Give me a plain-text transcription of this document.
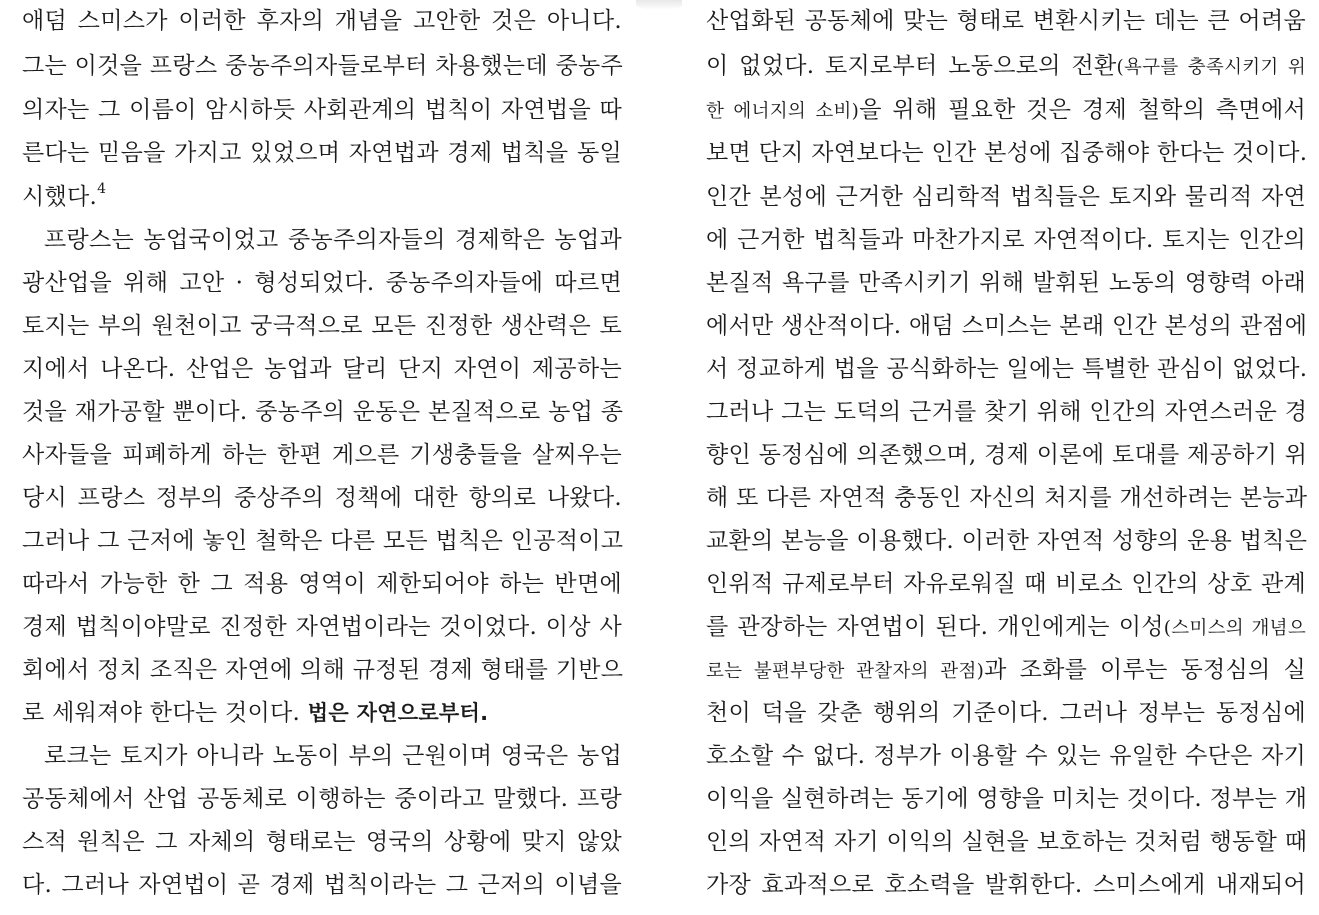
애덤 스미스가 이러한 후자의 개념을 고안한 것은 아니다.
그는 이것을 프랑스 중농주의자들로부터 차용했는데 중농주
의자는 그 이름이 암시하듯 사회관계의 법칙이 자연법을 따
른다는 믿음을 가지고 있었으며 자연법과 경제 법칙을 동일
시했다.$^4$
프랑스는 농업국이었고 중농주의자들의 경제학은 농업과
광산업을 위해 고안 · 형성되었다. 중농주의자들에 따르면
토지는 부의 원천이고 궁극적으로 모든 진정한 생산력은 토
지에서 나온다. 산업은 농업과 달리 단지 자연이 제공하는
것을 재가공할 뿐이다. 중농주의 운동은 본질적으로 농업 종
사자들을 피폐하게 하는 한편 게으른 기생충들을 살찌우는
당시 프랑스 정부의 중상주의 정책에 대한 항의로 나왔다.
그러나 그 근저에 놓인 철학은 다른 모든 법칙은 인공적이고
따라서 가능한 한 그 적용 영역이 제한되어야 하는 반면에
경제 법칙이야말로 진정한 자연법이라는 것이었다. 이상 사
회에서 정치 조직은 자연에 의해 규정된 경제 형태를 기반으
로 세워져야 한다는 것이다. 법은 자연으로부터.
로크는 토지가 아니라 노동이 부의 근원이며 영국은 농업
공동체에서 산업 공동체로 이행하는 중이라고 말했다. 프랑
스적 원칙은 그 자체의 형태로는 영국의 상황에 맞지 않았
다. 그러나 자연법이 곧 경제 법칙이라는 그 근저의 이념을
산업화된 공동체에 맞는 형태로 변환시키는 데는 큰 어려움
이 없었다. 토지로부터 노동으로의 전환(욕구를 충족시키기 위
한 에너지의 소비)을 위해 필요한 것은 경제 철학의 측면에서
보면 단지 자연보다는 인간 본성에 집중해야 한다는 것이다.
인간 본성에 근거한 심리학적 법칙들은 토지와 물리적 자연
에 근거한 법칙들과 마찬가지로 자연적이다. 토지는 인간의
본질적 욕구를 만족시키기 위해 발휘된 노동의 영향력 아래
에서만 생산적이다. 애덤 스미스는 본래 인간 본성의 관점에
서 정교하게 법을 공식화하는 일에는 특별한 관심이 없었다.
그러나 그는 도덕의 근거를 찾기 위해 인간의 자연스러운 경
향인 동정심에 의존했으며, 경제 이론에 토대를 제공하기 위
해 또 다른 자연적 충동인 자신의 처지를 개선하려는 본능과
교환의 본능을 이용했다. 이러한 자연적 성향의 운용 법칙은
인위적 규제로부터 자유로워질 때 비로소 인간의 상호 관계
를 관장하는 자연법이 된다. 개인에게는 이성(스미스의 개념으
로는 불편부당한 관찰자의 관점)과 조화를 이루는 동정심의 실
천이 덕을 갖춘 행위의 기준이다. 그러나 정부는 동정심에
호소할 수 없다. 정부가 이용할 수 있는 유일한 수단은 자기
이익을 실현하려는 동기에 영향을 미치는 것이다. 정부는 개
인의 자연적 자기 이익의 실현을 보호하는 것처럼 행동할 때
가장 효과적으로 호소력을 발휘한다. 스미스에게 내재되어
